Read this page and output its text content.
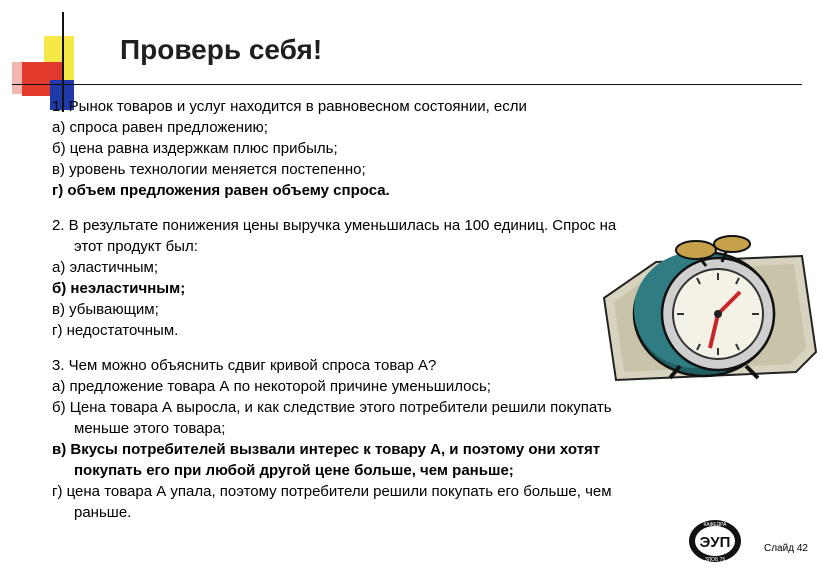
Проверь себя!
1. Рынок товаров и услуг находится в равновесном состоянии, если
а) спроса равен предложению;
б) цена равна издержкам плюс прибыль;
в) уровень технологии меняется постепенно;
г) объем предложения равен объему спроса.
2. В результате понижения цены выручка уменьшилась на 100 единиц. Спрос на
этот продукт был:
а) эластичным;
б) неэластичным;
в) убывающим;
г) недостаточным.
3. Чем можно объяснить сдвиг кривой спроса товар А?
а) предложение товара А по некоторой причине уменьшилось;
б) Цена товара А выросла, и как следствие этого потребители решили покупать
меньше этого товара;
в) Вкусы потребителей вызвали интерес к товару А, и поэтому они хотят
покупать его при любой другой цене больше, чем раньше;
г) цена товара А упала, поэтому потребители решили покупать его больше, чем
раньше.
ЭУП
КАФЕДРА
ЗЛОБ 75
Слайд 42
